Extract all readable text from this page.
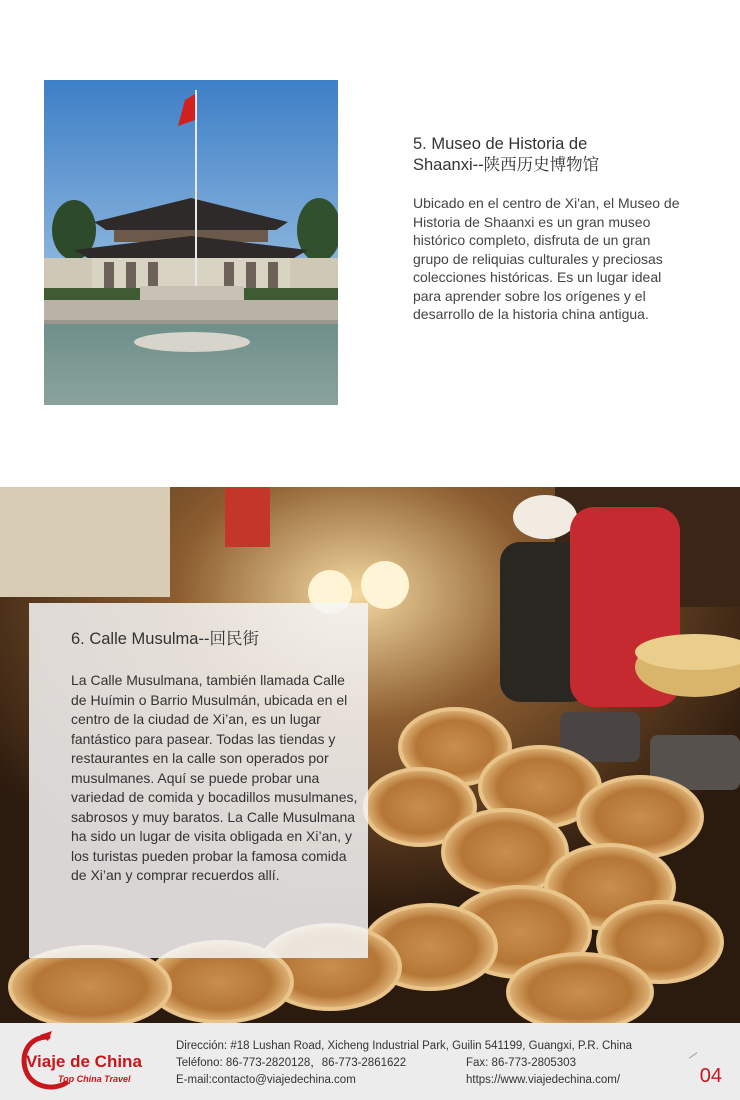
5. Museo de Historia de
Shaanxi--陕西历史博物馆
Ubicado en el centro de Xi'an, el Museo de Historia de Shaanxi es un gran museo histórico completo, disfruta de un gran grupo de reliquias culturales y preciosas colecciones históricas. Es un lugar ideal para aprender sobre los orígenes y el desarrollo de la historia china antigua.
6. Calle Musulma--回民街
La Calle Musulmana, también llamada Calle de Huímin o Barrio Musulmán, ubicada en el centro de la ciudad de Xi’an, es un lugar fantástico para pasear. Todas las tiendas y restaurantes en la calle son operados por musulmanes. Aquí se puede probar una variedad de comida y bocadillos musulmanes, sabrosos y muy baratos. La Calle Musulmana ha sido un lugar de visita obligada en Xi’an, y los turistas pueden probar la famosa comida de Xi’an y comprar recuerdos allí.
Viaje de China
Top China Travel
Dirección: #18 Lushan Road, Xicheng Industrial Park, Guilin 541199, Guangxi, P.R. China
Teléfono: 86-773-2820128，86-773-2861622	Fax: 86-773-2805303
E-mail:contacto@viajedechina.com	https://www.viajedechina.com/	04
